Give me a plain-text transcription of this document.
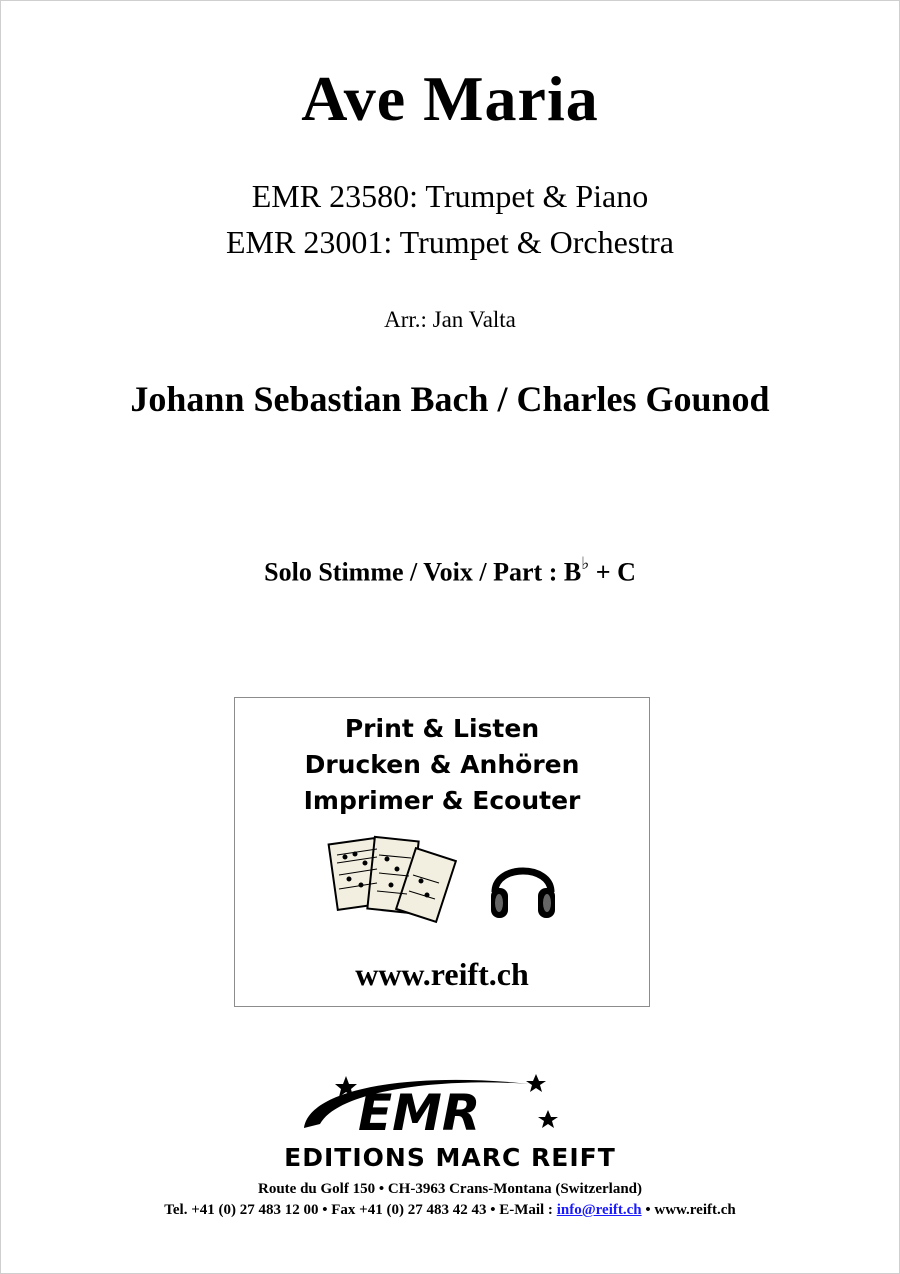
Ave Maria
EMR 23580: Trumpet & Piano
EMR 23001: Trumpet & Orchestra
Arr.: Jan Valta
Johann Sebastian Bach / Charles Gounod
Solo Stimme / Voix / Part : B♭ + C
Print & Listen
Drucken & Anhören
Imprimer & Ecouter
www.reift.ch
EMR
EDITIONS MARC REIFT
Route du Golf 150 • CH-3963 Crans-Montana (Switzerland)
Tel. +41 (0) 27 483 12 00 • Fax +41 (0) 27 483 42 43 • E-Mail : info@reift.ch • www.reift.ch
